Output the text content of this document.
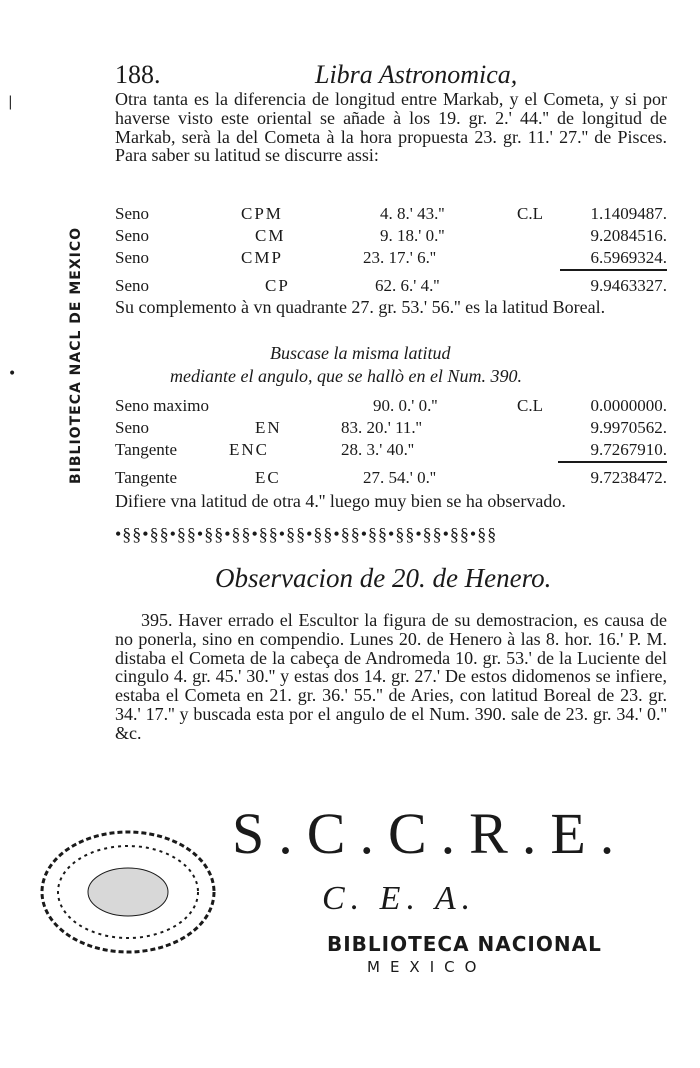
|
•
188.	Libra Astronomica,
Otra tanta es la diferencia de longitud entre Markab, y el Cometa, y si por haverse visto este oriental se añade à los 19. gr. 2.' 44.'' de longitud de Markab, serà la del Cometa à la hora propuesta 23. gr. 11.' 27.'' de Pisces. Para saber su latitud se discurre assi:
Seno	CPM	4. 8.' 43.''	C.L	1.1409487.
Seno	CM	9. 18.' 0.''	9.2084516.
Seno	CMP	23. 17.' 6.''	6.5969324.
Seno	CP	62. 6.' 4.''	9.9463327.
Su complemento à vn quadrante 27. gr. 53.' 56.'' es la latitud Boreal.
Buscase la misma latitud
mediante el angulo, que se hallò en el Num. 390.
Seno maximo	90. 0.' 0.''	C.L	0.0000000.
Seno	EN	83. 20.' 11.''	9.9970562.
Tangente	ENC	28. 3.' 40.''	9.7267910.
Tangente	EC	27. 54.' 0.''	9.7238472.
Difiere vna latitud de otra 4.'' luego muy bien se ha observado.
•§§•§§•§§•§§•§§•§§•§§•§§•§§•§§•§§•§§•§§•§§
Observacion de 20. de Henero.
395. Haver errado el Escultor la figura de su demostracion, es causa de no ponerla, sino en compendio. Lunes 20. de Henero à las 8. hor. 16.' P. M. distaba el Cometa de la cabeça de Andromeda 10. gr. 53.' de la Luciente del cingulo 4. gr. 45.' 30.'' y estas dos 14. gr. 27.' De estos didomenos se infiere, estaba el Cometa en 21. gr. 36.' 55.'' de Aries, con latitud Boreal de 23. gr. 34.' 17.'' y buscada esta por el angulo de el Num. 390. sale de 23. gr. 34.' 0.'' &c.
S.C.C.R.E.
C. E. A.
BIBLIOTECA NACIONAL
MEXICO
BIBLIOTECA NACL DE MEXICO
